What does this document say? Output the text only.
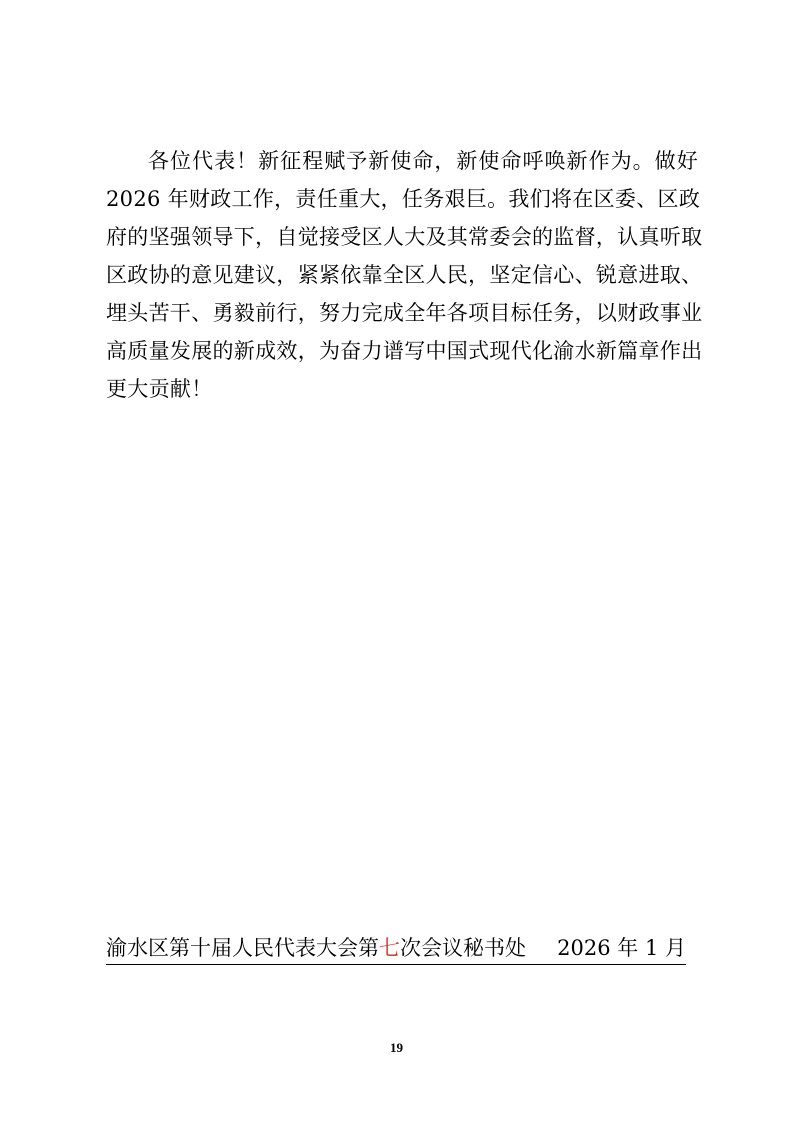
各位代表！新征程赋予新使命，新使命呼唤新作为。做好
2026 年财政工作，责任重大，任务艰巨。我们将在区委、区政
府的坚强领导下，自觉接受区人大及其常委会的监督，认真听取
区政协的意见建议，紧紧依靠全区人民，坚定信心、锐意进取、
埋头苦干、勇毅前行，努力完成全年各项目标任务，以财政事业
高质量发展的新成效，为奋力谱写中国式现代化渝水新篇章作出
更大贡献！
渝水区第十届人民代表大会第七次会议秘书处 2026 年 1 月
19
